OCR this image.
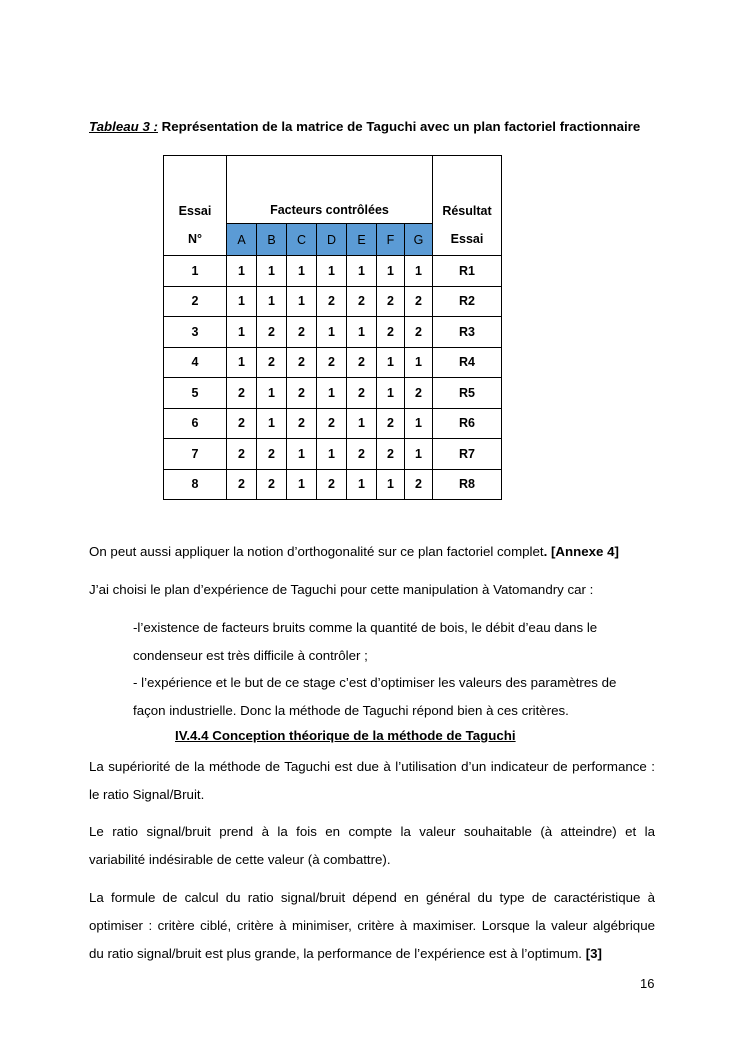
Tableau 3 : Représentation de la matrice de Taguchi avec un plan factoriel fractionnaire
Essai	Facteurs contrôlées							Résultat
N°	A	B	C	D	E	F	G	Essai
1	1	1	1	1	1	1	1	R1
2	1	1	1	2	2	2	2	R2
3	1	2	2	1	1	2	2	R3
4	1	2	2	2	2	1	1	R4
5	2	1	2	1	2	1	2	R5
6	2	1	2	2	1	2	1	R6
7	2	2	1	1	2	2	1	R7
8	2	2	1	2	1	1	2	R8
On peut aussi appliquer la notion d’orthogonalité sur ce plan factoriel complet. [Annexe 4]
J’ai choisi le plan d’expérience de Taguchi pour cette manipulation à Vatomandry car :
-l’existence de facteurs bruits comme la quantité de bois, le débit d’eau dans le
condenseur est très difficile à contrôler ;
- l’expérience et le but de ce stage c’est d’optimiser les valeurs des paramètres de
façon industrielle. Donc la méthode de Taguchi répond bien à ces critères.
IV.4.4 Conception théorique de la méthode de Taguchi
La supériorité de la méthode de Taguchi est due à l’utilisation d’un indicateur de performance :
le ratio Signal/Bruit.
Le ratio signal/bruit prend à la fois en compte la valeur souhaitable (à atteindre) et la
variabilité indésirable de cette valeur (à combattre).
La formule de calcul du ratio signal/bruit dépend en général du type de caractéristique à
optimiser : critère ciblé, critère à minimiser, critère à maximiser. Lorsque la valeur algébrique
du ratio signal/bruit est plus grande, la performance de l’expérience est à l’optimum. [3]
16
